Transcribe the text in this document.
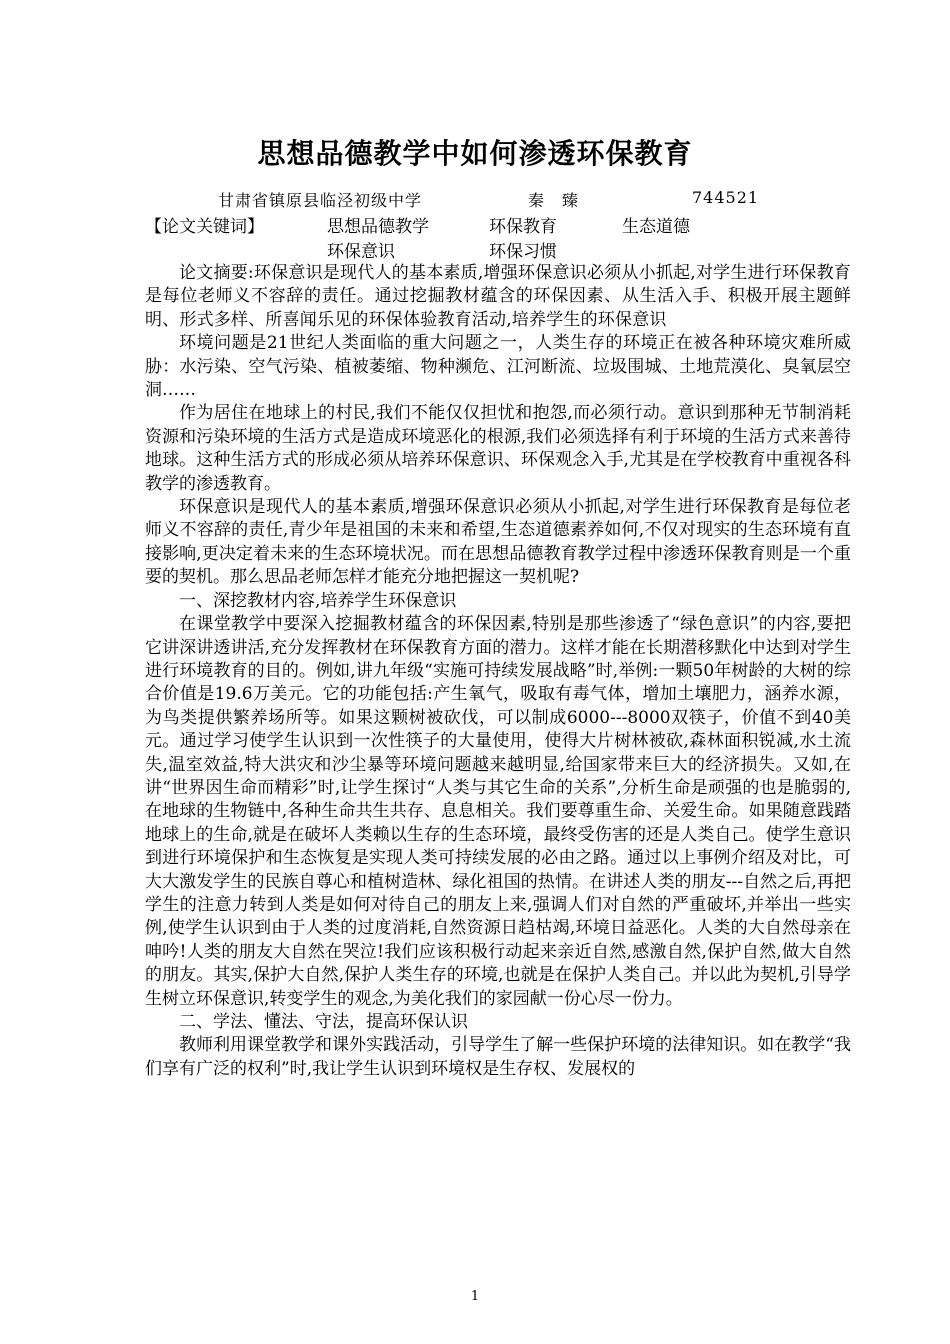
思想品德教学中如何渗透环保教育
甘肃省镇原县临泾初级中学	秦　臻	744521
【论文关键词】	思想品德教学	环保教育	生态道德
环保意识	环保习惯

论文摘要:环保意识是现代人的基本素质,增强环保意识必须从小抓起,对学生进行环保教育是每位老师义不容辞的责任。通过挖掘教材蕴含的环保因素、从生活入手、积极开展主题鲜明、形式多样、所喜闻乐见的环保体验教育活动,培养学生的环保意识

环境问题是21世纪人类面临的重大问题之一，人类生存的环境正在被各种环境灾难所威胁：水污染、空气污染、植被萎缩、物种濒危、江河断流、垃圾围城、土地荒漠化、臭氧层空洞……

作为居住在地球上的村民,我们不能仅仅担忧和抱怨,而必须行动。意识到那种无节制消耗资源和污染环境的生活方式是造成环境恶化的根源,我们必须选择有利于环境的生活方式来善待地球。这种生活方式的形成必须从培养环保意识、环保观念入手,尤其是在学校教育中重视各科教学的渗透教育。

环保意识是现代人的基本素质,增强环保意识必须从小抓起,对学生进行环保教育是每位老师义不容辞的责任,青少年是祖国的未来和希望,生态道德素养如何,不仅对现实的生态环境有直接影响,更决定着未来的生态环境状况。而在思想品德教育教学过程中渗透环保教育则是一个重要的契机。那么思品老师怎样才能充分地把握这一契机呢?

一、深挖教材内容,培养学生环保意识

在课堂教学中要深入挖掘教材蕴含的环保因素,特别是那些渗透了“绿色意识”的内容,要把它讲深讲透讲活,充分发挥教材在环保教育方面的潜力。这样才能在长期潜移默化中达到对学生进行环境教育的目的。例如,讲九年级“实施可持续发展战略”时,举例:一颗50年树龄的大树的综合价值是19.6万美元。它的功能包括:产生氧气，吸取有毒气体，增加土壤肥力，涵养水源，为鸟类提供繁养场所等。如果这颗树被砍伐，可以制成6000---8000双筷子，价值不到40美元。通过学习使学生认识到一次性筷子的大量使用，使得大片树林被砍,森林面积锐减,水土流失,温室效益,特大洪灾和沙尘暴等环境问题越来越明显,给国家带来巨大的经济损失。又如,在讲“世界因生命而精彩”时,让学生探讨“人类与其它生命的关系”,分析生命是顽强的也是脆弱的,在地球的生物链中,各种生命共生共存、息息相关。我们要尊重生命、关爱生命。如果随意践踏地球上的生命,就是在破坏人类赖以生存的生态环境，最终受伤害的还是人类自己。使学生意识到进行环境保护和生态恢复是实现人类可持续发展的必由之路。通过以上事例介绍及对比，可大大激发学生的民族自尊心和植树造林、绿化祖国的热情。在讲述人类的朋友---自然之后,再把学生的注意力转到人类是如何对待自己的朋友上来,强调人们对自然的严重破坏,并举出一些实例,使学生认识到由于人类的过度消耗,自然资源日趋枯竭,环境日益恶化。人类的大自然母亲在呻吟!人类的朋友大自然在哭泣!我们应该积极行动起来亲近自然,感激自然,保护自然,做大自然的朋友。其实,保护大自然,保护人类生存的环境,也就是在保护人类自己。并以此为契机,引导学生树立环保意识,转变学生的观念,为美化我们的家园献一份心尽一份力。

二、学法、懂法、守法，提高环保认识

教师利用课堂教学和课外实践活动，引导学生了解一些保护环境的法律知识。如在教学“我们享有广泛的权利”时,我让学生认识到环境权是生存权、发展权的

1
